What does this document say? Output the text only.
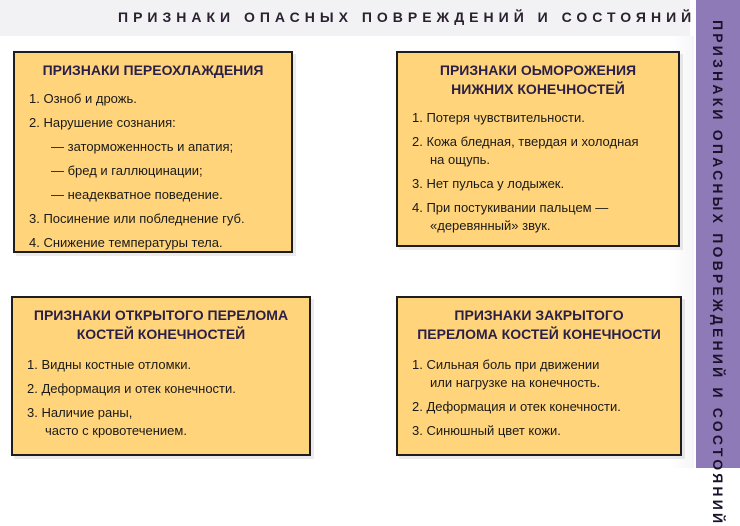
ПРИЗНАКИ ОПАСНЫХ ПОВРЕЖДЕНИЙ И СОСТОЯНИЙ
ПРИЗНАКИ ОПАСНЫХ ПОВРЕЖДЕНИЙ И СОСТОЯНИЙ
ПРИЗНАКИ ПЕРЕОХЛАЖДЕНИЯ
1. Озноб и дрожь.
2. Нарушение сознания:
— заторможенность и апатия;
— бред и галлюцинации;
— неадекватное поведение.
3. Посинение или побледнение губ.
4. Снижение температуры тела.
ПРИЗНАКИ ОЬМОРОЖЕНИЯ
НИЖНИХ КОНЕЧНОСТЕЙ
1. Потеря чувствительности.
2. Кожа бледная, твердая и холодная
на ощупь.
3. Нет пульса у лодыжек.
4. При постукивании пальцем —
«деревянный» звук.
ПРИЗНАКИ ОТКРЫТОГО ПЕРЕЛОМА
КОСТЕЙ КОНЕЧНОСТЕЙ
1. Видны костные отломки.
2. Деформация и отек конечности.
3. Наличие раны,
часто с кровотечением.
ПРИЗНАКИ ЗАКРЫТОГО
ПЕРЕЛОМА КОСТЕЙ КОНЕЧНОСТИ
1. Сильная боль при движении
или нагрузке на конечность.
2. Деформация и отек конечности.
3. Синюшный цвет кожи.
